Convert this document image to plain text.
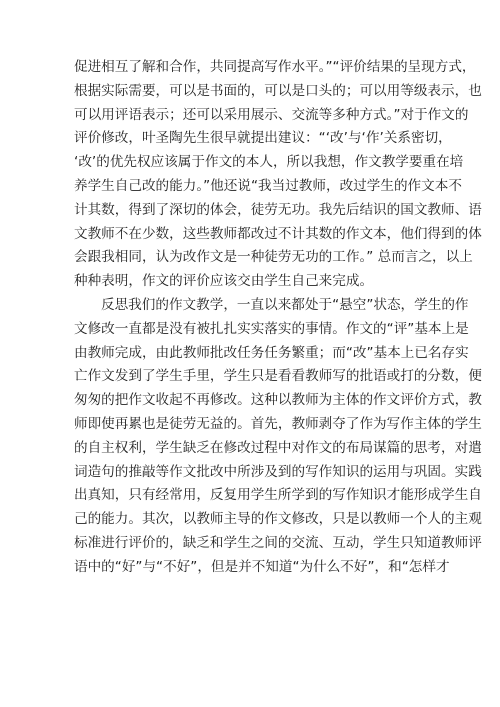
促进相互了解和合作，共同提高写作水平。”“评价结果的呈现方式，
根据实际需要，可以是书面的，可以是口头的；可以用等级表示，也
可以用评语表示；还可以采用展示、交流等多种方式。”对于作文的
评价修改，叶圣陶先生很早就提出建议：“‘改’与‘作’关系密切，
‘改’的优先权应该属于作文的本人，所以我想，作文教学要重在培
养学生自己改的能力。”他还说“我当过教师，改过学生的作文本不
计其数，得到了深切的体会，徒劳无功。我先后结识的国文教师、语
文教师不在少数，这些教师都改过不计其数的作文本，他们得到的体
会跟我相同，认为改作文是一种徒劳无功的工作。” 总而言之，以上
种种表明，作文的评价应该交由学生自己来完成。
反思我们的作文教学，一直以来都处于“悬空”状态，学生的作
文修改一直都是没有被扎扎实实落实的事情。作文的“评”基本上是
由教师完成，由此教师批改任务任务繁重；而“改”基本上已名存实
亡作文发到了学生手里，学生只是看看教师写的批语或打的分数，便
匆匆的把作文收起不再修改。这种以教师为主体的作文评价方式，教
师即使再累也是徒劳无益的。首先，教师剥夺了作为写作主体的学生
的自主权利，学生缺乏在修改过程中对作文的布局谋篇的思考，对遣
词造句的推敲等作文批改中所涉及到的写作知识的运用与巩固。实践
出真知，只有经常用，反复用学生所学到的写作知识才能形成学生自
己的能力。其次，以教师主导的作文修改，只是以教师一个人的主观
标准进行评价的，缺乏和学生之间的交流、互动，学生只知道教师评
语中的“好”与“不好”，但是并不知道“为什么不好”，和“怎样才
